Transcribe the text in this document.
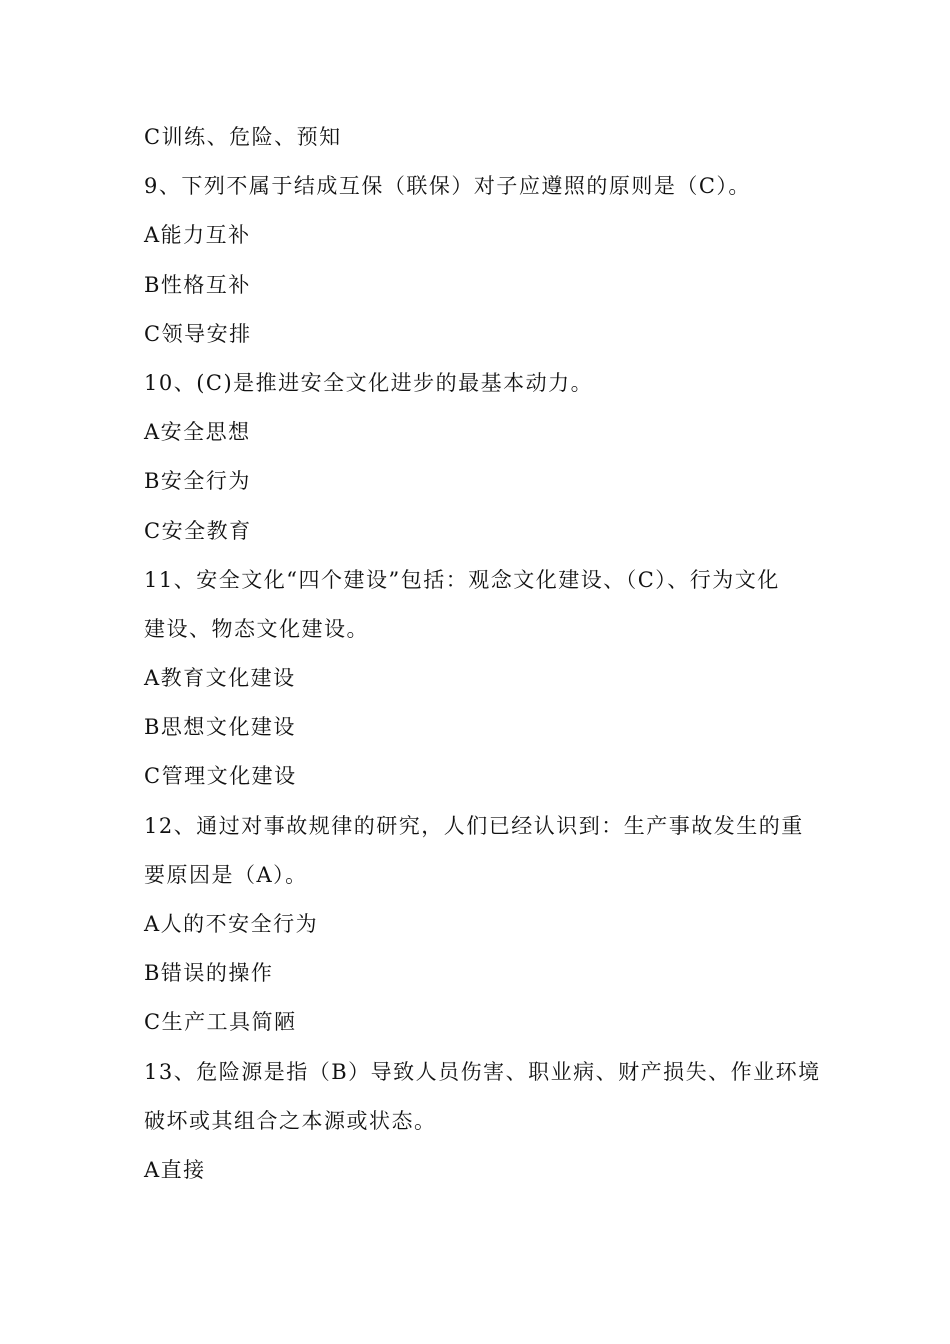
C训练、危险、预知
9、下列不属于结成互保（联保）对子应遵照的原则是（C）。
A能力互补
B性格互补
C领导安排
10、(C)是推进安全文化进步的最基本动力。
A安全思想
B安全行为
C安全教育
11、安全文化“四个建设”包括：观念文化建设、（C）、行为文化
建设、物态文化建设。
A教育文化建设
B思想文化建设
C管理文化建设
12、通过对事故规律的研究，人们已经认识到：生产事故发生的重
要原因是（A）。
A人的不安全行为
B错误的操作
C生产工具简陋
13、危险源是指（B）导致人员伤害、职业病、财产损失、作业环境
破坏或其组合之本源或状态。
A直接
